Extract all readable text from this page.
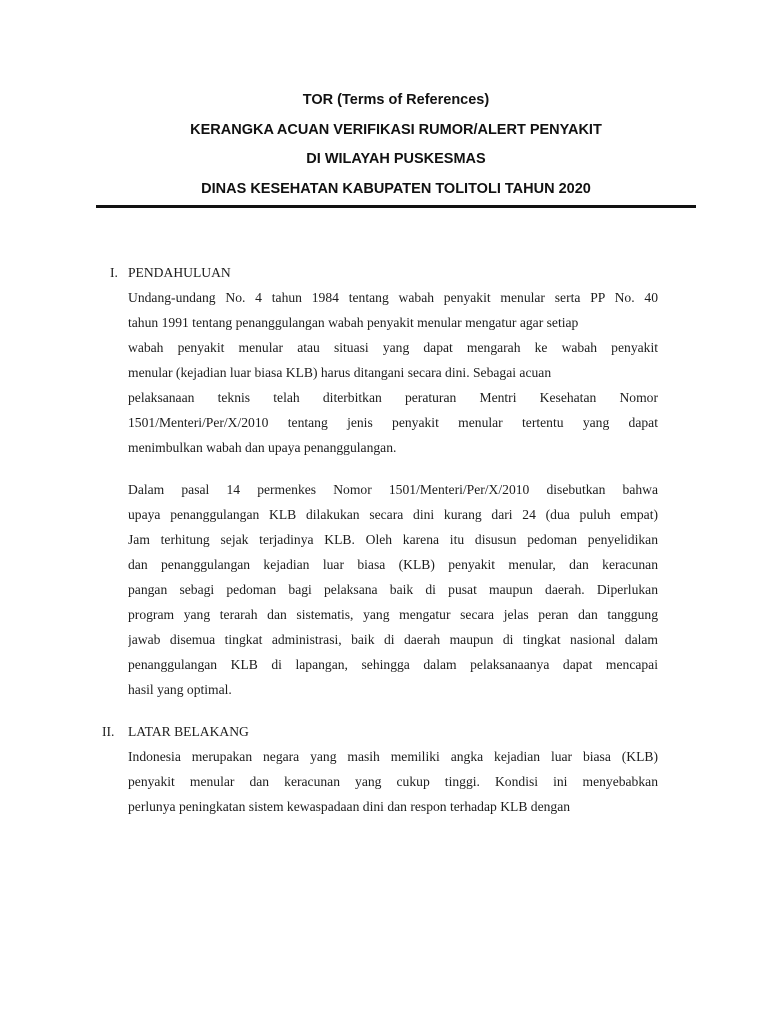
TOR (Terms of References)
KERANGKA ACUAN VERIFIKASI RUMOR/ALERT PENYAKIT
DI WILAYAH PUSKESMAS
DINAS KESEHATAN KABUPATEN TOLITOLI TAHUN 2020
I. PENDAHULUAN
Undang-undang No. 4 tahun 1984 tentang wabah penyakit menular serta PP No. 40
tahun 1991 tentang penanggulangan wabah penyakit menular mengatur agar setiap
wabah penyakit menular atau situasi yang dapat mengarah ke wabah penyakit
menular (kejadian luar biasa KLB) harus ditangani secara dini. Sebagai acuan
pelaksanaan teknis telah diterbitkan peraturan Mentri Kesehatan Nomor
1501/Menteri/Per/X/2010 tentang jenis penyakit menular tertentu yang dapat
menimbulkan wabah dan upaya penanggulangan.
Dalam pasal 14 permenkes Nomor 1501/Menteri/Per/X/2010 disebutkan bahwa
upaya penanggulangan KLB dilakukan secara dini kurang dari 24 (dua puluh empat)
Jam terhitung sejak terjadinya KLB. Oleh karena itu disusun pedoman penyelidikan
dan penanggulangan kejadian luar biasa (KLB) penyakit menular, dan keracunan
pangan sebagi pedoman bagi pelaksana baik di pusat maupun daerah. Diperlukan
program yang terarah dan sistematis, yang mengatur secara jelas peran dan tanggung
jawab disemua tingkat administrasi, baik di daerah maupun di tingkat nasional dalam
penanggulangan KLB di lapangan, sehingga dalam pelaksanaanya dapat mencapai
hasil yang optimal.
II. LATAR BELAKANG
Indonesia merupakan negara yang masih memiliki angka kejadian luar biasa (KLB)
penyakit menular dan keracunan yang cukup tinggi. Kondisi ini menyebabkan
perlunya peningkatan sistem kewaspadaan dini dan respon terhadap KLB dengan
